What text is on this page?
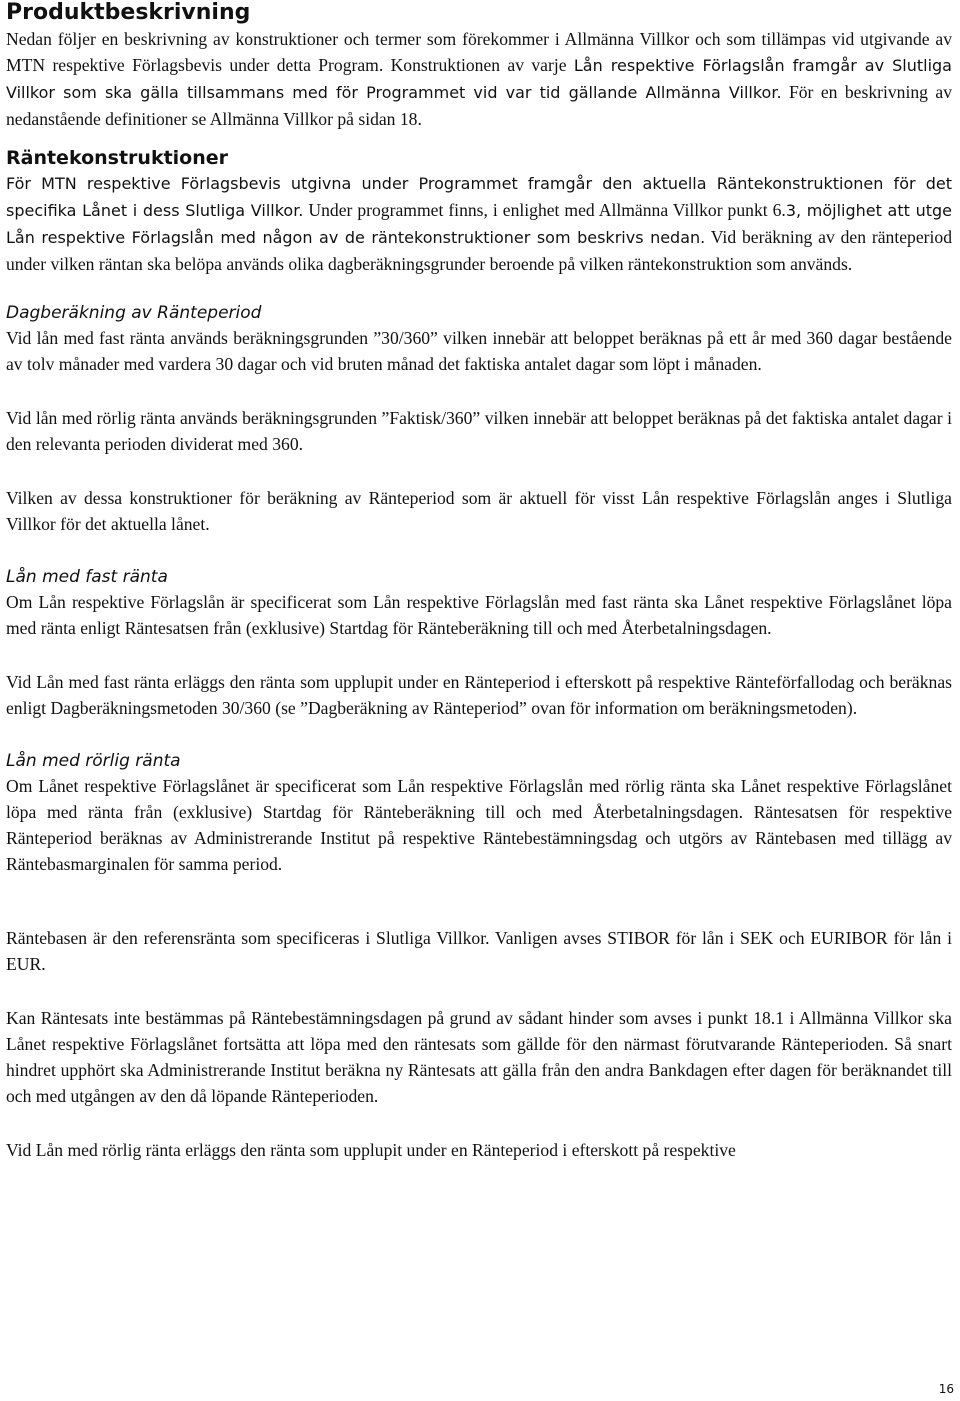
Produktbeskrivning

Nedan följer en beskrivning av konstruktioner och termer som förekommer i Allmänna Villkor och som tillämpas vid utgivande av MTN respektive Förlagsbevis under detta Program. Konstruktionen av varje Lån respektive Förlagslån framgår av Slutliga Villkor som ska gälla tillsammans med för Programmet vid var tid gällande Allmänna Villkor. För en beskrivning av nedanstående definitioner se Allmänna Villkor på sidan 18.

Räntekonstruktioner

För MTN respektive Förlagsbevis utgivna under Programmet framgår den aktuella Räntekonstruktionen för det specifika Lånet i dess Slutliga Villkor. Under programmet finns, i enlighet med Allmänna Villkor punkt 6.3, möjlighet att utge Lån respektive Förlagslån med någon av de räntekonstruktioner som beskrivs nedan. Vid beräkning av den ränteperiod under vilken räntan ska belöpa används olika dagberäkningsgrunder beroende på vilken räntekonstruktion som används.

Dagberäkning av Ränteperiod

Vid lån med fast ränta används beräkningsgrunden ”30/360” vilken innebär att beloppet beräknas på ett år med 360 dagar bestående av tolv månader med vardera 30 dagar och vid bruten månad det faktiska antalet dagar som löpt i månaden.

Vid lån med rörlig ränta används beräkningsgrunden ”Faktisk/360” vilken innebär att beloppet beräknas på det faktiska antalet dagar i den relevanta perioden dividerat med 360.

Vilken av dessa konstruktioner för beräkning av Ränteperiod som är aktuell för visst Lån respektive Förlagslån anges i Slutliga Villkor för det aktuella lånet.

Lån med fast ränta

Om Lån respektive Förlagslån är specificerat som Lån respektive Förlagslån med fast ränta ska Lånet respektive Förlagslånet löpa med ränta enligt Räntesatsen från (exklusive) Startdag för Ränteberäkning till och med Återbetalningsdagen.

Vid Lån med fast ränta erläggs den ränta som upplupit under en Ränteperiod i efterskott på respektive Ränteförfallodag och beräknas enligt Dagberäkningsmetoden 30/360 (se ”Dagberäkning av Ränteperiod” ovan för information om beräkningsmetoden).

Lån med rörlig ränta

Om Lånet respektive Förlagslånet är specificerat som Lån respektive Förlagslån med rörlig ränta ska Lånet respektive Förlagslånet löpa med ränta från (exklusive) Startdag för Ränteberäkning till och med Återbetalningsdagen. Räntesatsen för respektive Ränteperiod beräknas av Administrerande Institut på respektive Räntebestämningsdag och utgörs av Räntebasen med tillägg av Räntebasmarginalen för samma period.

Räntebasen är den referensränta som specificeras i Slutliga Villkor. Vanligen avses STIBOR för lån i SEK och EURIBOR för lån i EUR.

Kan Räntesats inte bestämmas på Räntebestämningsdagen på grund av sådant hinder som avses i punkt 18.1 i Allmänna Villkor ska Lånet respektive Förlagslånet fortsätta att löpa med den räntesats som gällde för den närmast förutvarande Ränteperioden. Så snart hindret upphört ska Administrerande Institut beräkna ny Räntesats att gälla från den andra Bankdagen efter dagen för beräknandet till och med utgången av den då löpande Ränteperioden.

Vid Lån med rörlig ränta erläggs den ränta som upplupit under en Ränteperiod i efterskott på respektive

16
